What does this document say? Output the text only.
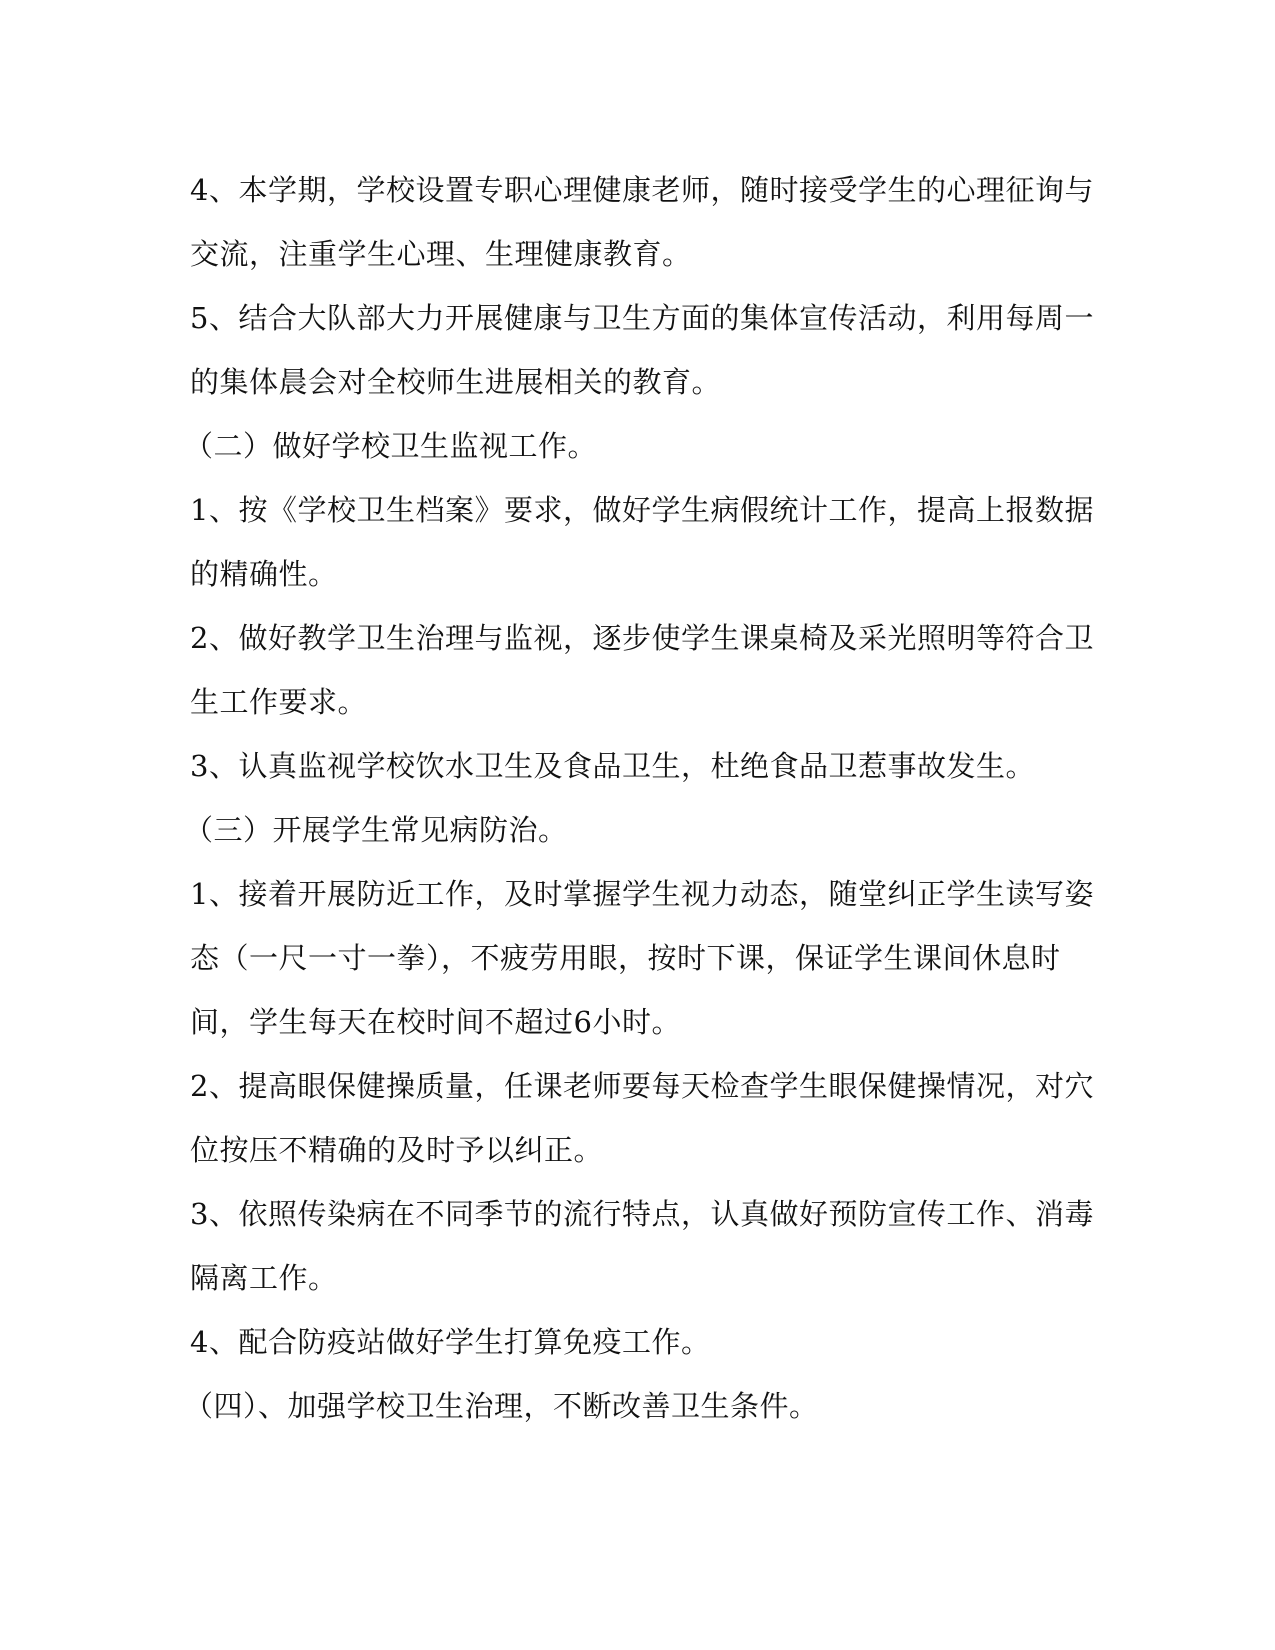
4、本学期，学校设置专职心理健康老师，随时接受学生的心理征询与
交流，注重学生心理、生理健康教育。
5、结合大队部大力开展健康与卫生方面的集体宣传活动，利用每周一
的集体晨会对全校师生进展相关的教育。
（二）做好学校卫生监视工作。
1、按《学校卫生档案》要求，做好学生病假统计工作，提高上报数据
的精确性。
2、做好教学卫生治理与监视，逐步使学生课桌椅及采光照明等符合卫
生工作要求。
3、认真监视学校饮水卫生及食品卫生，杜绝食品卫惹事故发生。
（三）开展学生常见病防治。
1、接着开展防近工作，及时掌握学生视力动态，随堂纠正学生读写姿
态（一尺一寸一拳），不疲劳用眼，按时下课，保证学生课间休息时
间，学生每天在校时间不超过6小时。
2、提高眼保健操质量，任课老师要每天检查学生眼保健操情况，对穴
位按压不精确的及时予以纠正。
3、依照传染病在不同季节的流行特点，认真做好预防宣传工作、消毒
隔离工作。
4、配合防疫站做好学生打算免疫工作。
（四）、加强学校卫生治理，不断改善卫生条件。
